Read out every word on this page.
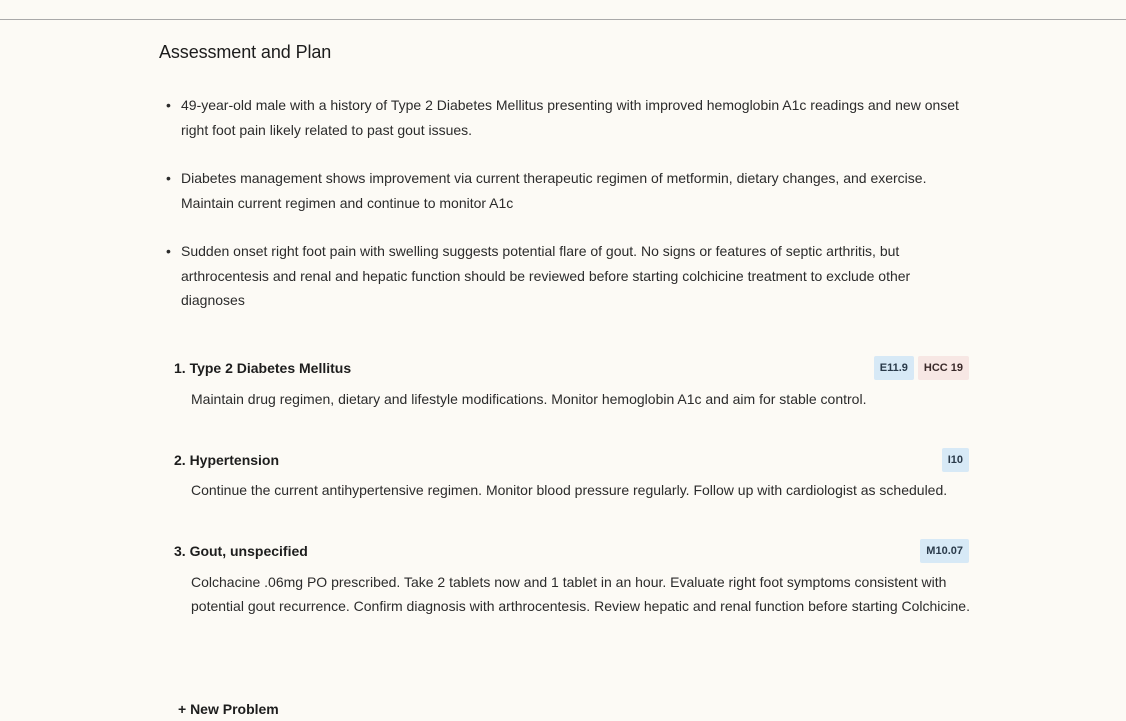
Assessment and Plan
• 49-year-old male with a history of Type 2 Diabetes Mellitus presenting with improved hemoglobin A1c readings and new onset right foot pain likely related to past gout issues.
• Diabetes management shows improvement via current therapeutic regimen of metformin, dietary changes, and exercise. Maintain current regimen and continue to monitor A1c
• Sudden onset right foot pain with swelling suggests potential flare of gout. No signs or features of septic arthritis, but arthrocentesis and renal and hepatic function should be reviewed before starting colchicine treatment to exclude other diagnoses
1. Type 2 Diabetes Mellitus	E11.9	HCC 19
Maintain drug regimen, dietary and lifestyle modifications. Monitor hemoglobin A1c and aim for stable control.
2. Hypertension	I10
Continue the current antihypertensive regimen. Monitor blood pressure regularly. Follow up with cardiologist as scheduled.
3. Gout, unspecified	M10.07
Colchacine .06mg PO prescribed. Take 2 tablets now and 1 tablet in an hour. Evaluate right foot symptoms consistent with potential gout recurrence. Confirm diagnosis with arthrocentesis. Review hepatic and renal function before starting Colchicine.
+ New Problem
